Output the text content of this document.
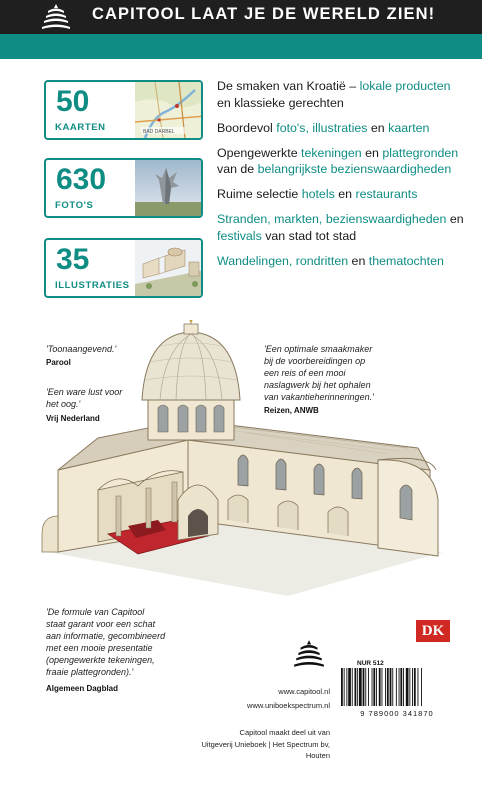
CAPITOOL LAAT JE DE WERELD ZIEN!
50
KAARTEN	BAD DARBEL
630
FOTO'S
35
ILLUSTRATIES

De smaken van Kroatië – lokale producten en klassieke gerechten

Boordevol foto's, illustraties en kaarten

Opengewerkte tekeningen en plattegronden van de belangrijkste bezienswaardigheden

Ruime selectie hotels en restaurants

Stranden, markten, bezienswaardigheden en festivals van stad tot stad

Wandelingen, rondritten en thematochten

'Toonaangevend.'
Parool
'Een ware lust voor
het oog.'
Vrij Nederland
'Een optimale smaakmaker
bij de voorbereidingen op
een reis of een mooi
naslagwerk bij het ophalen
van vakantieherinneringen.'
Reizen, ANWB
'De formule van Capitool
staat garant voor een schat
aan informatie, gecombineerd
met een mooie presentatie
(opengewerkte tekeningen,
fraaie plattegronden).'
Algemeen Dagblad
DK
www.capitool.nl
www.uniboekspectrum.nl
Capitool maakt deel uit van
Uitgeverij Unieboek | Het Spectrum bv,
Houten
NUR 512
9 789000 341870
